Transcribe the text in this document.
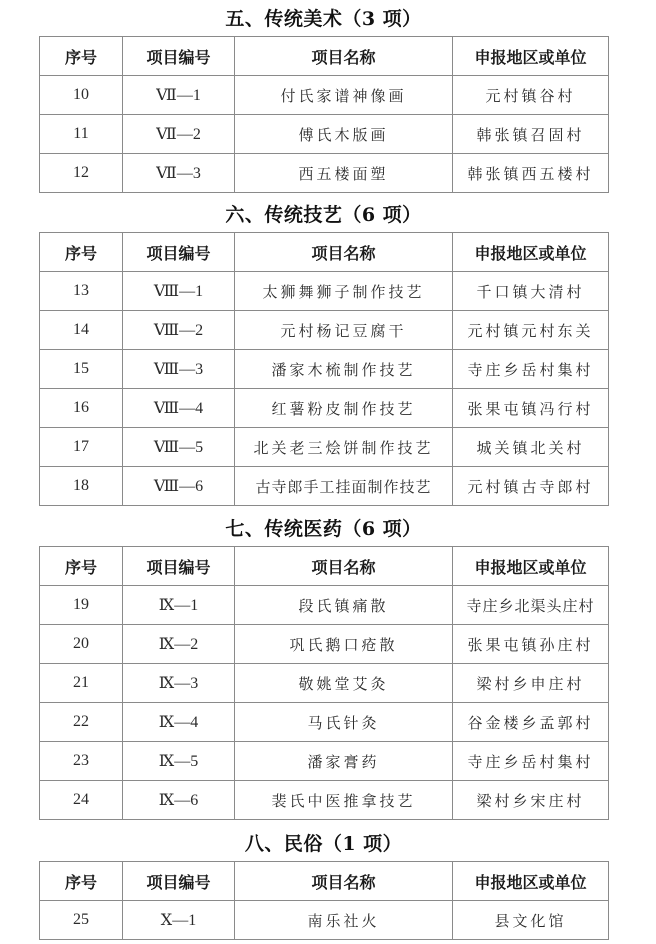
五、传统美术（3 项）
序号	项目编号	项目名称	申报地区或单位
10	Ⅶ—1	付氏家谱神像画	元村镇谷村
11	Ⅶ—2	傅氏木版画	韩张镇召固村
12	Ⅶ—3	西五楼面塑	韩张镇西五楼村
六、传统技艺（6 项）
序号	项目编号	项目名称	申报地区或单位
13	Ⅷ—1	太狮舞狮子制作技艺	千口镇大清村
14	Ⅷ—2	元村杨记豆腐干	元村镇元村东关
15	Ⅷ—3	潘家木梳制作技艺	寺庄乡岳村集村
16	Ⅷ—4	红薯粉皮制作技艺	张果屯镇冯行村
17	Ⅷ—5	北关老三烩饼制作技艺	城关镇北关村
18	Ⅷ—6	古寺郎手工挂面制作技艺	元村镇古寺郎村
七、传统医药（6 项）
序号	项目编号	项目名称	申报地区或单位
19	Ⅸ—1	段氏镇痛散	寺庄乡北渠头庄村
20	Ⅸ—2	巩氏鹅口疮散	张果屯镇孙庄村
21	Ⅸ—3	敬姚堂艾灸	梁村乡申庄村
22	Ⅸ—4	马氏针灸	谷金楼乡孟郭村
23	Ⅸ—5	潘家膏药	寺庄乡岳村集村
24	Ⅸ—6	裴氏中医推拿技艺	梁村乡宋庄村
八、民俗（1 项）
序号	项目编号	项目名称	申报地区或单位
25	Ⅹ—1	南乐社火	县文化馆
